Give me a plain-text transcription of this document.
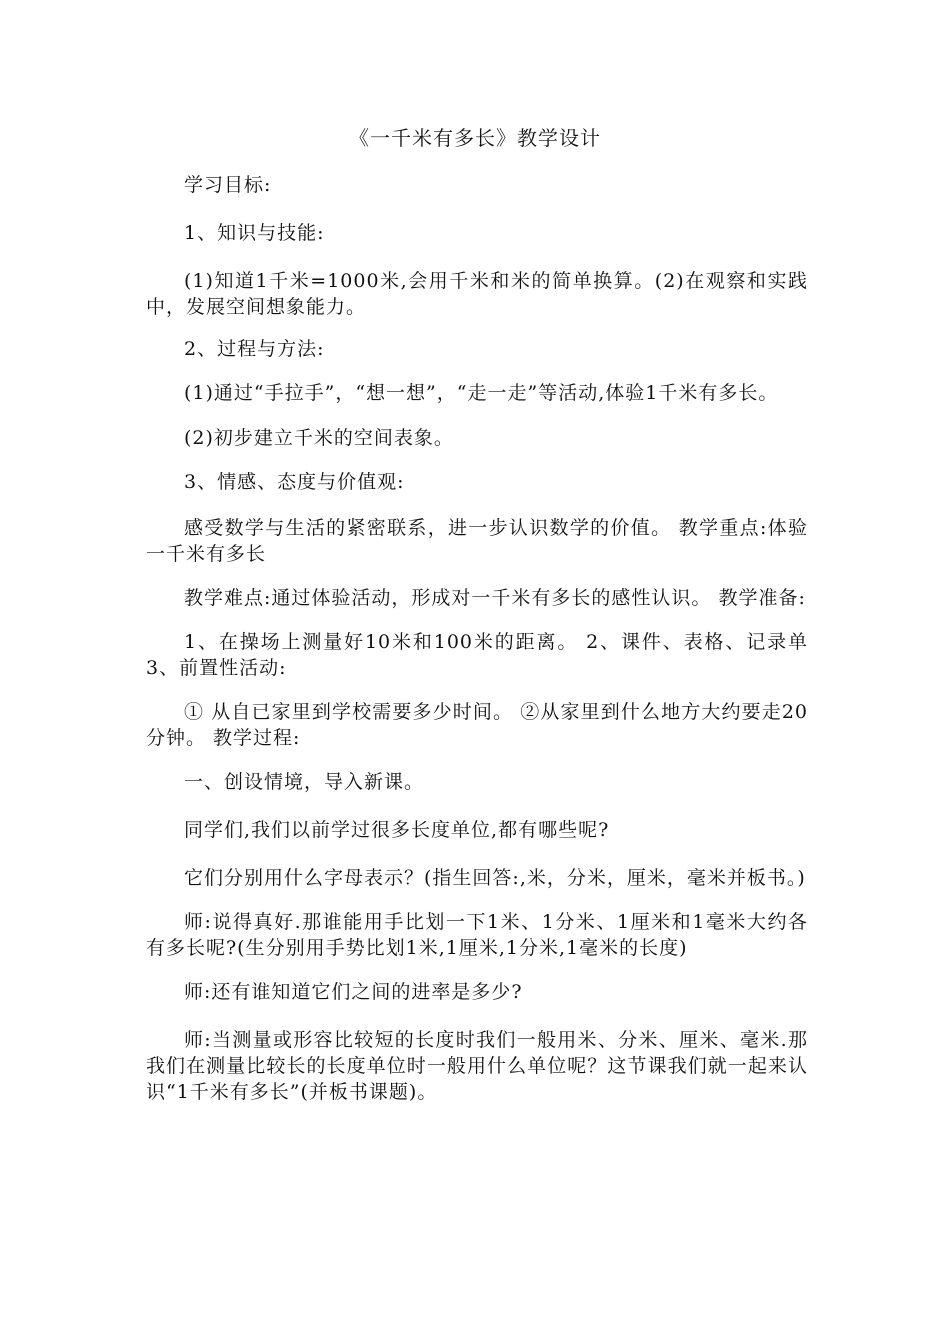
《一千米有多长》教学设计

学习目标:

1、知识与技能:

(1)知道1千米=1000米,会用千米和米的简单换算。(2)在观察和实践中，发展空间想象能力。

2、过程与方法:

(1)通过“手拉手”，“想一想”，“走一走”等活动,体验1千米有多长。

(2)初步建立千米的空间表象。

3、情感、态度与价值观:

感受数学与生活的紧密联系，进一步认识数学的价值。 教学重点:体验一千米有多长

教学难点:通过体验活动，形成对一千米有多长的感性认识。 教学准备:

1、在操场上测量好10米和100米的距离。 2、课件、表格、记录单 3、前置性活动:

① 从自已家里到学校需要多少时间。 ②从家里到什么地方大约要走20分钟。 教学过程:

一、创设情境，导入新课。

同学们,我们以前学过很多长度单位,都有哪些呢?

它们分别用什么字母表示？(指生回答:,米，分米，厘米，毫米并板书。)

师:说得真好.那谁能用手比划一下1米、1分米、1厘米和1毫米大约各有多长呢?(生分别用手势比划1米,1厘米,1分米,1毫米的长度)

师:还有谁知道它们之间的进率是多少?

师:当测量或形容比较短的长度时我们一般用米、分米、厘米、毫米.那我们在测量比较长的长度单位时一般用什么单位呢？这节课我们就一起来认识“1千米有多长”(并板书课题)。
